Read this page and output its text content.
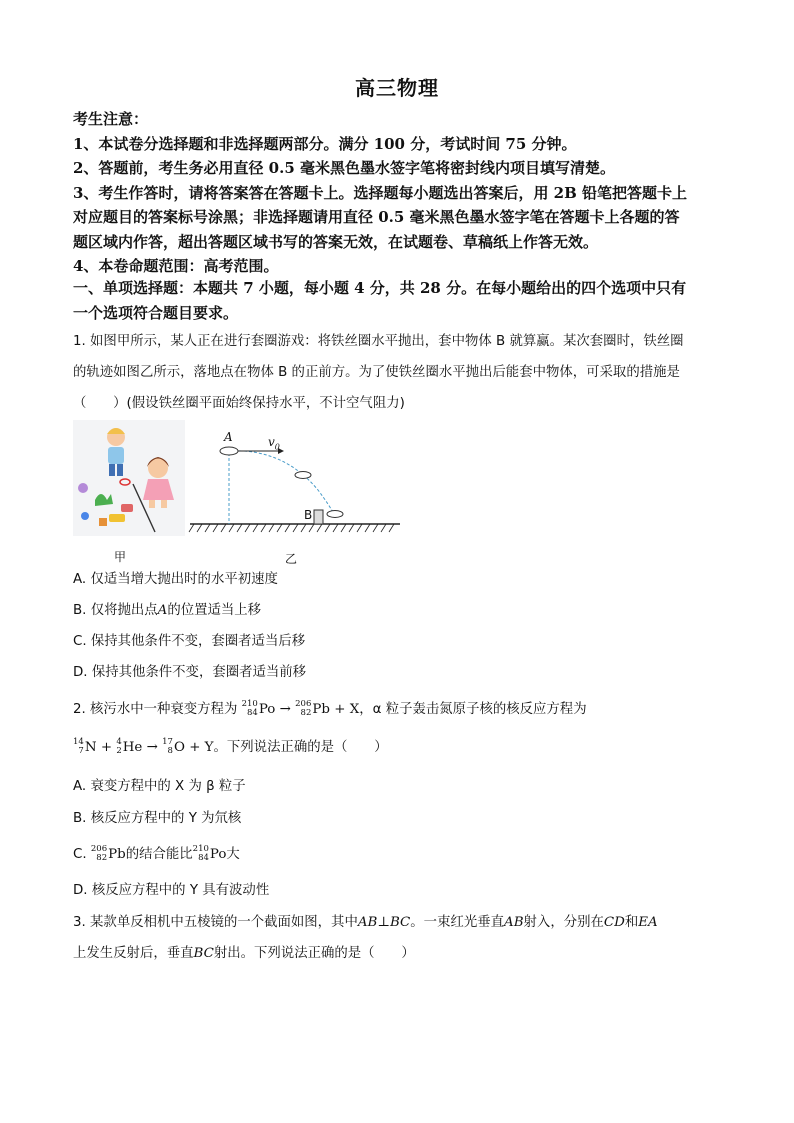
高三物理
考生注意：
1、本试卷分选择题和非选择题两部分。满分 100 分，考试时间 75 分钟。
2、答题前，考生务必用直径 0.5 毫米黑色墨水签字笔将密封线内项目填写清楚。
3、考生作答时，请将答案答在答题卡上。选择题每小题选出答案后，用 2B 铅笔把答题卡上
对应题目的答案标号涂黑；非选择题请用直径 0.5 毫米黑色墨水签字笔在答题卡上各题的答
题区域内作答，超出答题区域书写的答案无效，在试题卷、草稿纸上作答无效。
4、本卷命题范围：高考范围。
一、单项选择题：本题共 7 小题，每小题 4 分，共 28 分。在每小题给出的四个选项中只有
一个选项符合题目要求。
1. 如图甲所示，某人正在进行套圈游戏：将铁丝圈水平抛出，套中物体 B 就算赢。某次套圈时，铁丝圈
的轨迹如图乙所示，落地点在物体 B 的正前方。为了使铁丝圈水平抛出后能套中物体，可采取的措施是
（　　）(假设铁丝圈平面始终保持水平，不计空气阻力)
A	$v_0$
B
甲	乙
A. 仅适当增大抛出时的水平初速度
B. 仅将抛出点A的位置适当上移
C. 保持其他条件不变，套圈者适当后移
D. 保持其他条件不变，套圈者适当前移
2. 核污水中一种衰变方程为 210
84 Po → 206
82 Pb + X，α 粒子轰击氮原子核的核反应方程为
14
7 N + 4
2 He → 17
8 O + Y。下列说法正确的是（　　）
A. 衰变方程中的 X 为 β 粒子
B. 核反应方程中的 Y 为氘核
C. 206
82 Pb的结合能比 210
84 Po大
D. 核反应方程中的 Y 具有波动性
3. 某款单反相机中五棱镜的一个截面如图，其中AB⊥BC。一束红光垂直AB射入，分别在CD和EA
上发生反射后，垂直BC射出。下列说法正确的是（　　）
